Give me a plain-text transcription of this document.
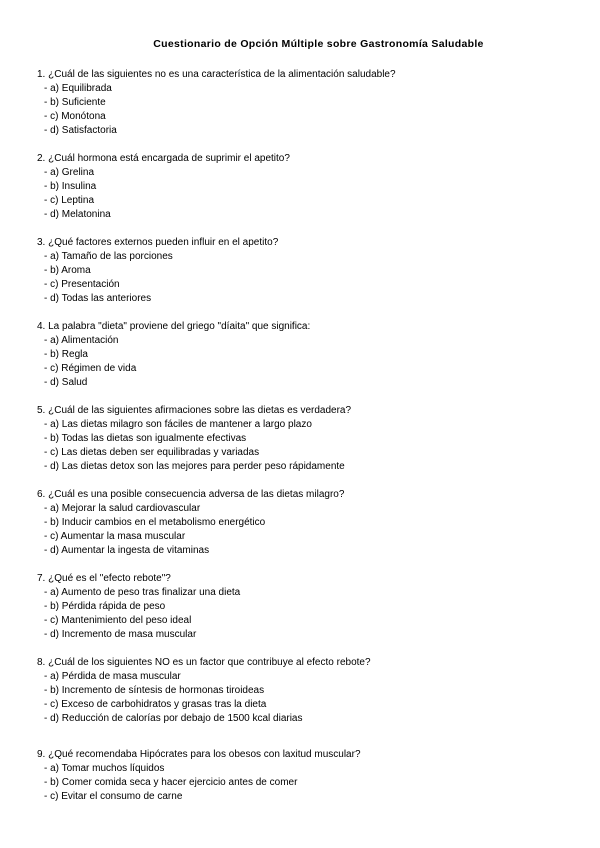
Cuestionario de Opción Múltiple sobre Gastronomía Saludable
1. ¿Cuál de las siguientes no es una característica de la alimentación saludable?
- a) Equilibrada
- b) Suficiente
- c) Monótona
- d) Satisfactoria
2. ¿Cuál hormona está encargada de suprimir el apetito?
- a) Grelina
- b) Insulina
- c) Leptina
- d) Melatonina
3. ¿Qué factores externos pueden influir en el apetito?
- a) Tamaño de las porciones
- b) Aroma
- c) Presentación
- d) Todas las anteriores
4. La palabra "dieta" proviene del griego "díaita" que significa:
- a) Alimentación
- b) Regla
- c) Régimen de vida
- d) Salud
5. ¿Cuál de las siguientes afirmaciones sobre las dietas es verdadera?
- a) Las dietas milagro son fáciles de mantener a largo plazo
- b) Todas las dietas son igualmente efectivas
- c) Las dietas deben ser equilibradas y variadas
- d) Las dietas detox son las mejores para perder peso rápidamente
6. ¿Cuál es una posible consecuencia adversa de las dietas milagro?
- a) Mejorar la salud cardiovascular
- b) Inducir cambios en el metabolismo energético
- c) Aumentar la masa muscular
- d) Aumentar la ingesta de vitaminas
7. ¿Qué es el "efecto rebote"?
- a) Aumento de peso tras finalizar una dieta
- b) Pérdida rápida de peso
- c) Mantenimiento del peso ideal
- d) Incremento de masa muscular
8. ¿Cuál de los siguientes NO es un factor que contribuye al efecto rebote?
- a) Pérdida de masa muscular
- b) Incremento de síntesis de hormonas tiroideas
- c) Exceso de carbohidratos y grasas tras la dieta
- d) Reducción de calorías por debajo de 1500 kcal diarias
9. ¿Qué recomendaba Hipócrates para los obesos con laxitud muscular?
- a) Tomar muchos líquidos
- b) Comer comida seca y hacer ejercicio antes de comer
- c) Evitar el consumo de carne
